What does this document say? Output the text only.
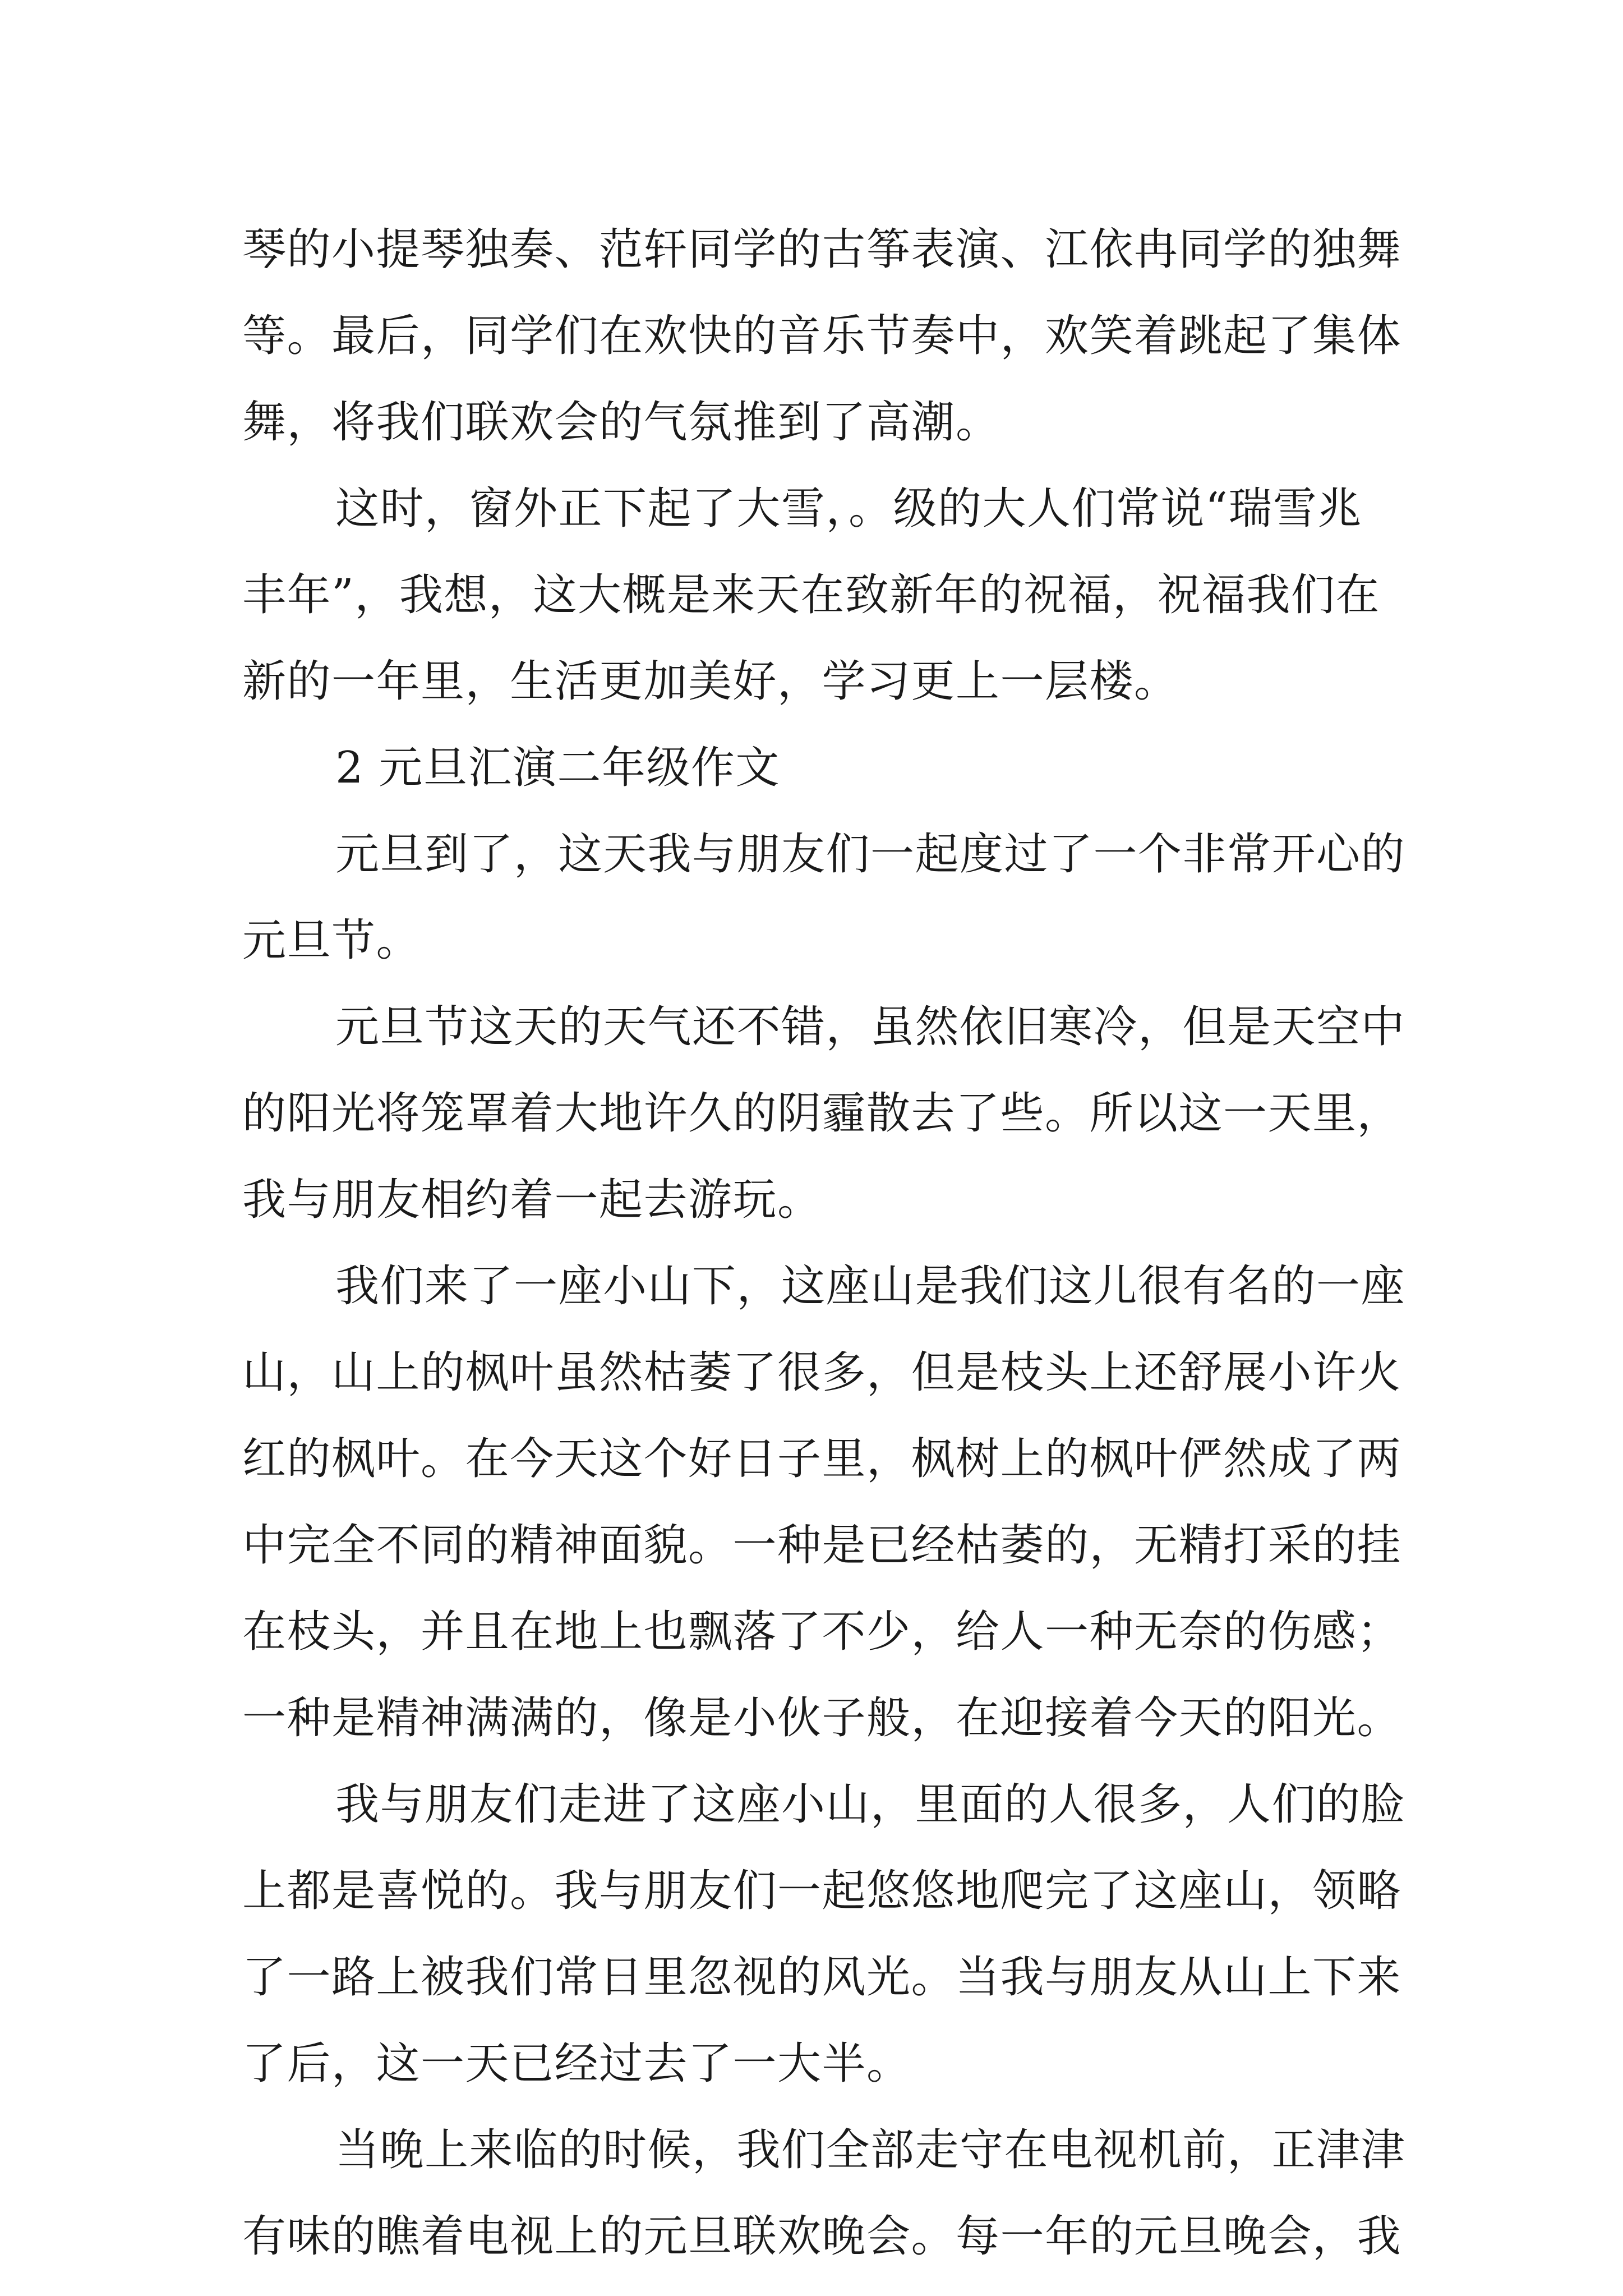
琴的小提琴独奏、范轩同学的古筝表演、江依冉同学的独舞
等。最后，同学们在欢快的音乐节奏中，欢笑着跳起了集体
舞，将我们联欢会的气氛推到了高潮。
这时，窗外正下起了大雪，。级的大人们常说“瑞雪兆
丰年”，我想，这大概是来天在致新年的祝福，祝福我们在
新的一年里，生活更加美好，学习更上一层楼。
2 元旦汇演二年级作文
元旦到了，这天我与朋友们一起度过了一个非常开心的
元旦节。
元旦节这天的天气还不错，虽然依旧寒冷，但是天空中
的阳光将笼罩着大地许久的阴霾散去了些。所以这一天里，
我与朋友相约着一起去游玩。
我们来了一座小山下，这座山是我们这儿很有名的一座
山，山上的枫叶虽然枯萎了很多，但是枝头上还舒展小许火
红的枫叶。在今天这个好日子里，枫树上的枫叶俨然成了两
中完全不同的精神面貌。一种是已经枯萎的，无精打采的挂
在枝头，并且在地上也飘落了不少，给人一种无奈的伤感；
一种是精神满满的，像是小伙子般，在迎接着今天的阳光。
我与朋友们走进了这座小山，里面的人很多，人们的脸
上都是喜悦的。我与朋友们一起悠悠地爬完了这座山，领略
了一路上被我们常日里忽视的风光。当我与朋友从山上下来
了后，这一天已经过去了一大半。
当晚上来临的时候，我们全部走守在电视机前，正津津
有味的瞧着电视上的元旦联欢晚会。每一年的元旦晚会，我
